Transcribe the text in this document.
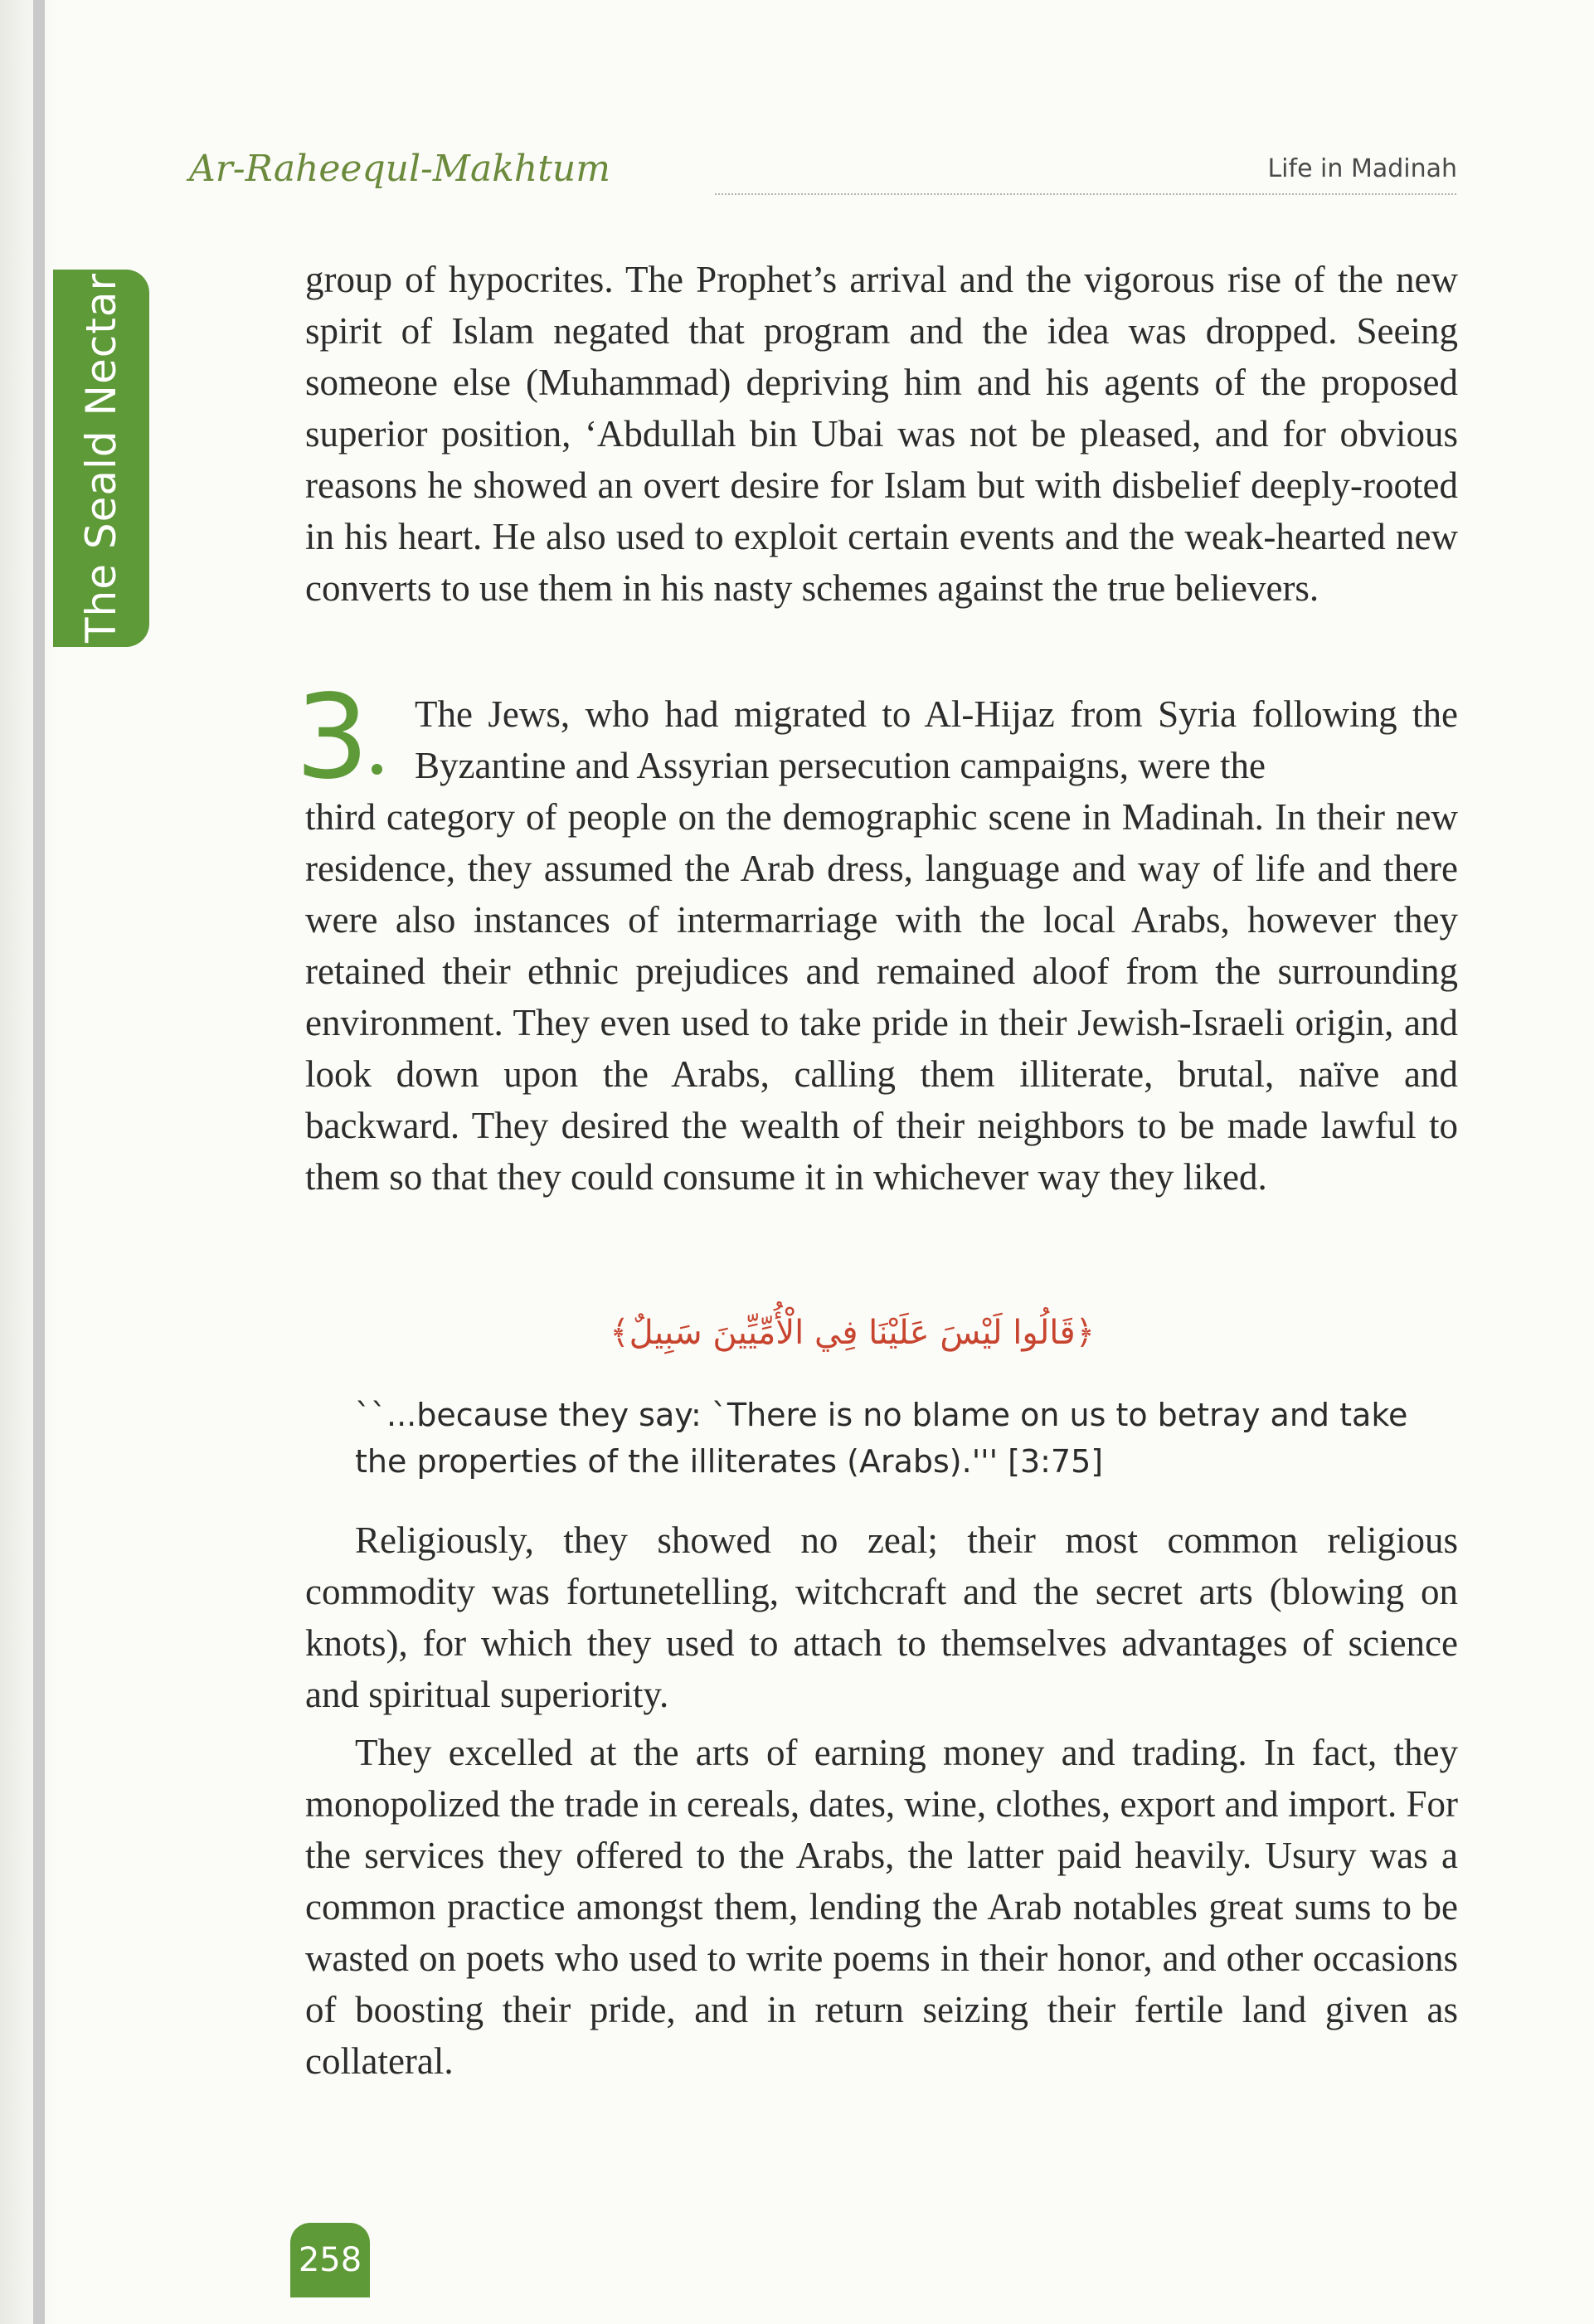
The Seald Nectar
Ar-Raheequl-Makhtum	Life in Madinah

group of hypocrites. The Prophet’s arrival and the vigorous rise of the new spirit of Islam negated that program and the idea was dropped. Seeing someone else (Muhammad) depriving him and his agents of the proposed superior position, ‘Abdullah bin Ubai was not be pleased, and for obvious reasons he showed an overt desire for Islam but with disbelief deeply-rooted in his heart. He also used to exploit certain events and the weak-hearted new converts to use them in his nasty schemes against the true believers.

3 The Jews, who had migrated to Al-Hijaz from Syria following the Byzantine and Assyrian persecution campaigns, were the

third category of people on the demographic scene in Madinah. In their new residence, they assumed the Arab dress, language and way of life and there were also instances of intermarriage with the local Arabs, however they retained their ethnic prejudices and remained aloof from the surrounding environment. They even used to take pride in their Jewish-Israeli origin, and look down upon the Arabs, calling them illiterate, brutal, naïve and backward. They desired the wealth of their neighbors to be made lawful to them so that they could consume it in whichever way they liked.

﴿قَالُوا لَيْسَ عَلَيْنَا فِي الْأُمِّيِّينَ سَبِيلٌ﴾

``...because they say: `There is no blame on us to betray and take the properties of the illiterates (Arabs).''' [3:75]

Religiously, they showed no zeal; their most common religious commodity was fortunetelling, witchcraft and the secret arts (blowing on knots), for which they used to attach to themselves advantages of science and spiritual superiority.

They excelled at the arts of earning money and trading. In fact, they monopolized the trade in cereals, dates, wine, clothes, export and import. For the services they offered to the Arabs, the latter paid heavily. Usury was a common practice amongst them, lending the Arab notables great sums to be wasted on poets who used to write poems in their honor, and other occasions of boosting their pride, and in return seizing their fertile land given as collateral.

258
